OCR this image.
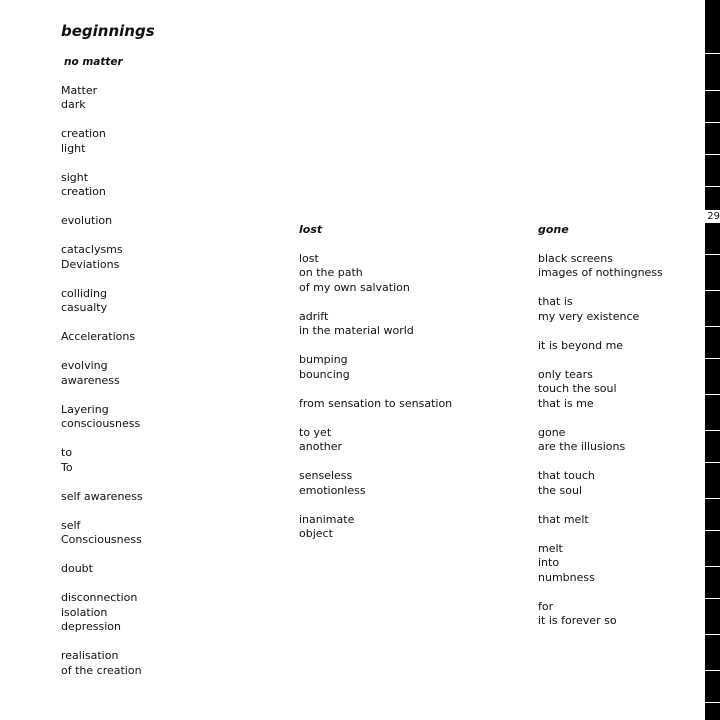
beginnings
no matter
Matter
dark
creation
light
sight
creation
evolution
cataclysms
Deviations
colliding
casualty
Accelerations
evolving
awareness
Layering
consciousness
to
To
self awareness
self
Consciousness
doubt
disconnection
isolation
depression
realisation
of the creation
lost
lost
on the path
of my own salvation
adrift
in the material world
bumping
bouncing
from sensation to sensation
to yet
another
senseless
emotionless
inanimate
object
gone
black screens
images of nothingness
that is
my very existence
it is beyond me
only tears
touch the soul
that is me
gone
are the illusions
that touch
the soul
that melt
melt
into
numbness
for
it is forever so
29
